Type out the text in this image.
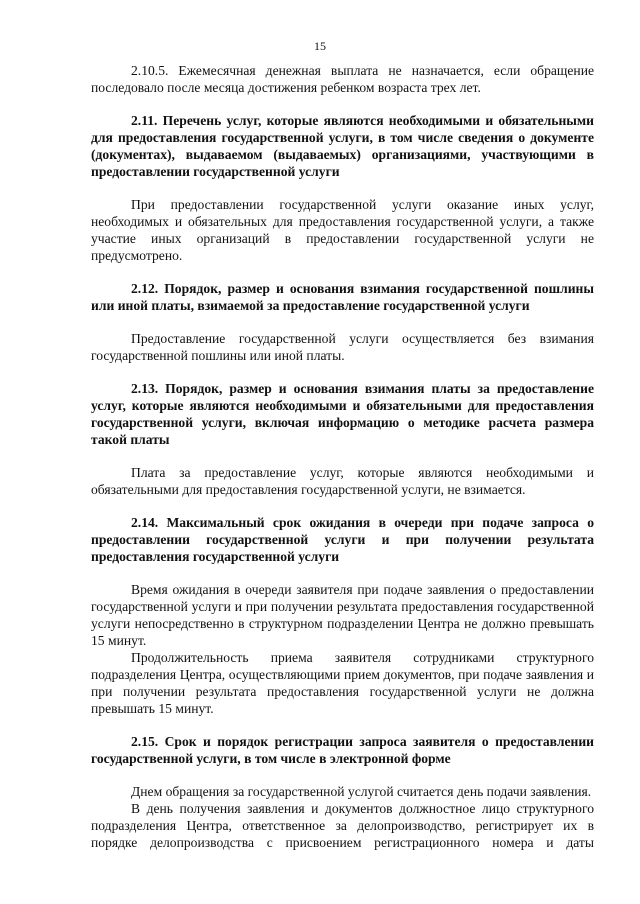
15

2.10.5. Ежемесячная денежная выплата не назначается, если обращение последовало после месяца достижения ребенком возраста трех лет.

2.11. Перечень услуг, которые являются необходимыми и обязательными для предоставления государственной услуги, в том числе сведения о документе (документах), выдаваемом (выдаваемых) организациями, участвующими в предоставлении государственной услуги

При предоставлении государственной услуги оказание иных услуг, необходимых и обязательных для предоставления государственной услуги, а также участие иных организаций в предоставлении государственной услуги не предусмотрено.

2.12. Порядок, размер и основания взимания государственной пошлины или иной платы, взимаемой за предоставление государственной услуги

Предоставление государственной услуги осуществляется без взимания государственной пошлины или иной платы.

2.13. Порядок, размер и основания взимания платы за предоставление услуг, которые являются необходимыми и обязательными для предоставления государственной услуги, включая информацию о методике расчета размера такой платы

Плата за предоставление услуг, которые являются необходимыми и обязательными для предоставления государственной услуги, не взимается.

2.14. Максимальный срок ожидания в очереди при подаче запроса о предоставлении государственной услуги и при получении результата предоставления государственной услуги

Время ожидания в очереди заявителя при подаче заявления о предоставлении государственной услуги и при получении результата предоставления государственной услуги непосредственно в структурном подразделении Центра не должно превышать 15 минут.

Продолжительность приема заявителя сотрудниками структурного подразделения Центра, осуществляющими прием документов, при подаче заявления и при получении результата предоставления государственной услуги не должна превышать 15 минут.

2.15. Срок и порядок регистрации запроса заявителя о предоставлении государственной услуги, в том числе в электронной форме

Днем обращения за государственной услугой считается день подачи заявления.

В день получения заявления и документов должностное лицо структурного подразделения Центра, ответственное за делопроизводство, регистрирует их в порядке делопроизводства с присвоением регистрационного номера и даты
